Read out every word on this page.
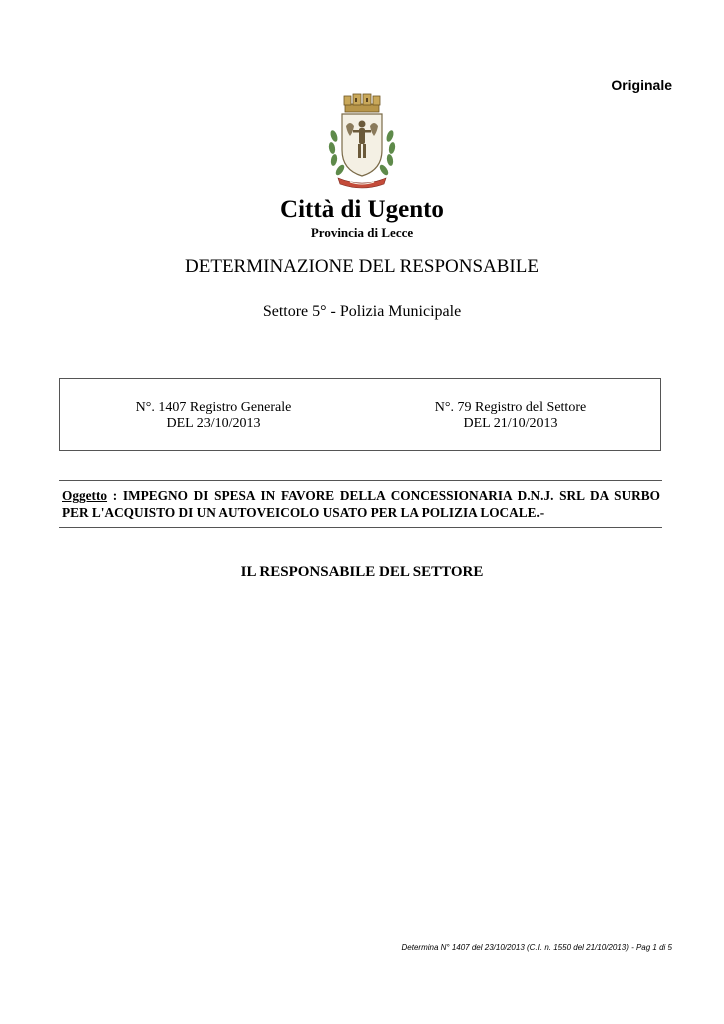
Originale
Città di Ugento
Provincia di Lecce
DETERMINAZIONE DEL RESPONSABILE
Settore 5° - Polizia Municipale
N°. 1407 Registro Generale
DEL 23/10/2013
N°. 79 Registro del Settore
DEL 21/10/2013
Oggetto : IMPEGNO DI SPESA IN FAVORE DELLA CONCESSIONARIA D.N.J. SRL DA SURBO PER L'ACQUISTO DI UN AUTOVEICOLO USATO PER LA POLIZIA LOCALE.-
IL RESPONSABILE DEL SETTORE
Determina N° 1407 del 23/10/2013 (C.I. n. 1550 del 21/10/2013) - Pag 1 di 5
